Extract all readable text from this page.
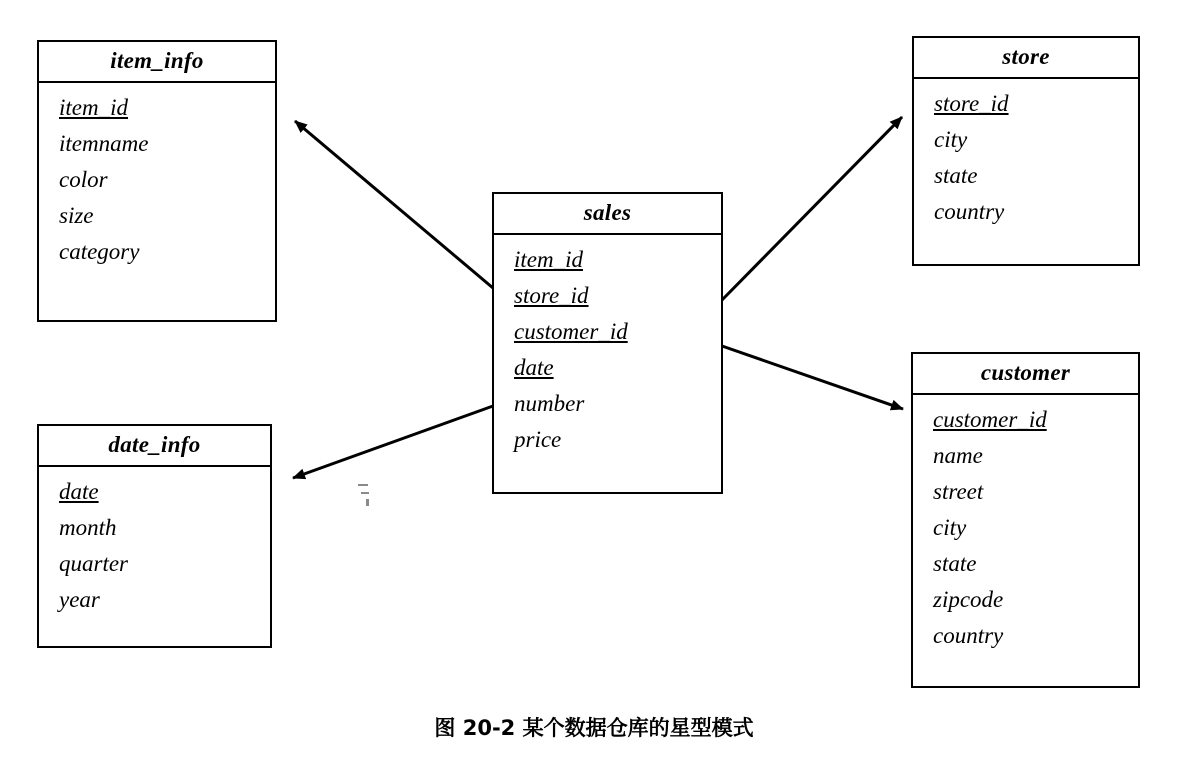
item_info
item_id
itemname
color
size
category
store
store_id
city
state
country
sales
item_id
store_id
customer_id
date
number
price
date_info
date
month
quarter
year
customer
customer_id
name
street
city
state
zipcode
country
图 20-2 某个数据仓库的星型模式
